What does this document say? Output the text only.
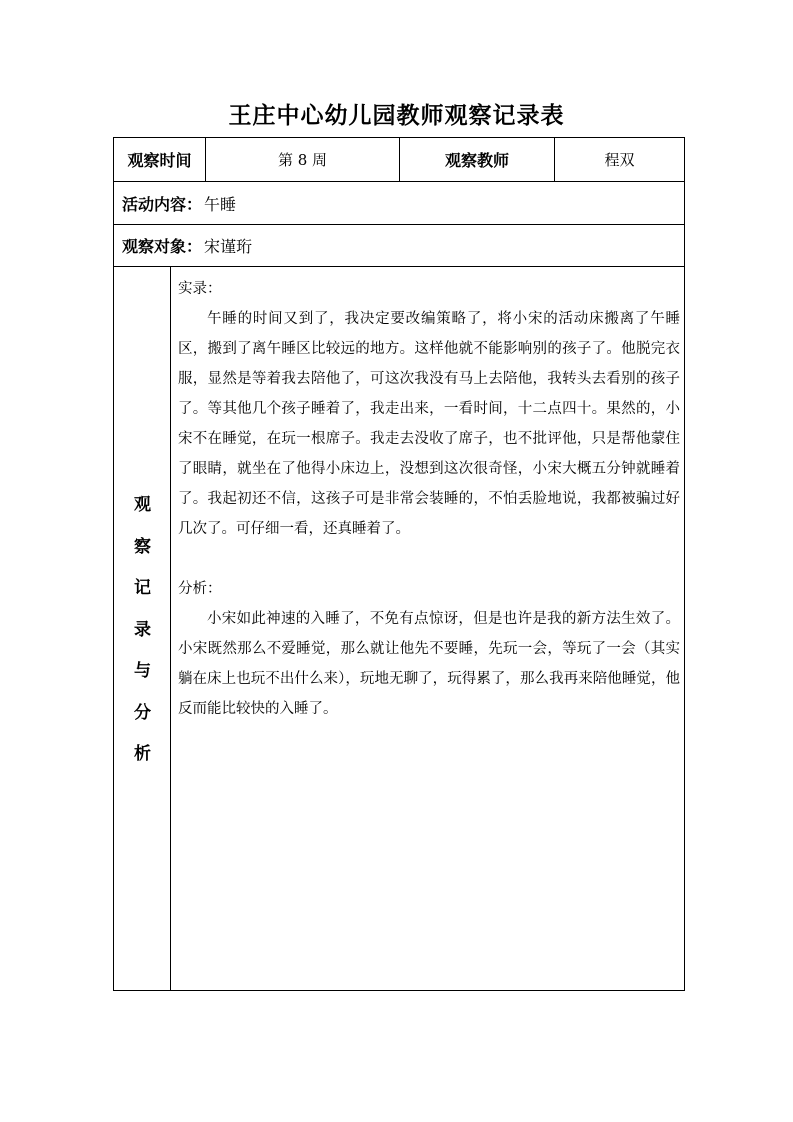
王庄中心幼儿园教师观察记录表
观察时间	第 8 周	观察教师	程双
活动内容： 午睡
观察对象： 宋谨珩
观
察
记
录
与
分
析

实录：

午睡的时间又到了，我决定要改编策略了，将小宋的活动床搬离了午睡区，搬到了离午睡区比较远的地方。这样他就不能影响别的孩子了。他脱完衣服，显然是等着我去陪他了，可这次我没有马上去陪他，我转头去看别的孩子了。等其他几个孩子睡着了，我走出来，一看时间，十二点四十。果然的，小宋不在睡觉，在玩一根席子。我走去没收了席子，也不批评他，只是帮他蒙住了眼睛，就坐在了他得小床边上，没想到这次很奇怪，小宋大概五分钟就睡着了。我起初还不信，这孩子可是非常会装睡的，不怕丢脸地说，我都被骗过好几次了。可仔细一看，还真睡着了。

分析：

小宋如此神速的入睡了，不免有点惊讶，但是也许是我的新方法生效了。小宋既然那么不爱睡觉，那么就让他先不要睡，先玩一会，等玩了一会（其实躺在床上也玩不出什么来），玩地无聊了，玩得累了，那么我再来陪他睡觉，他反而能比较快的入睡了。
